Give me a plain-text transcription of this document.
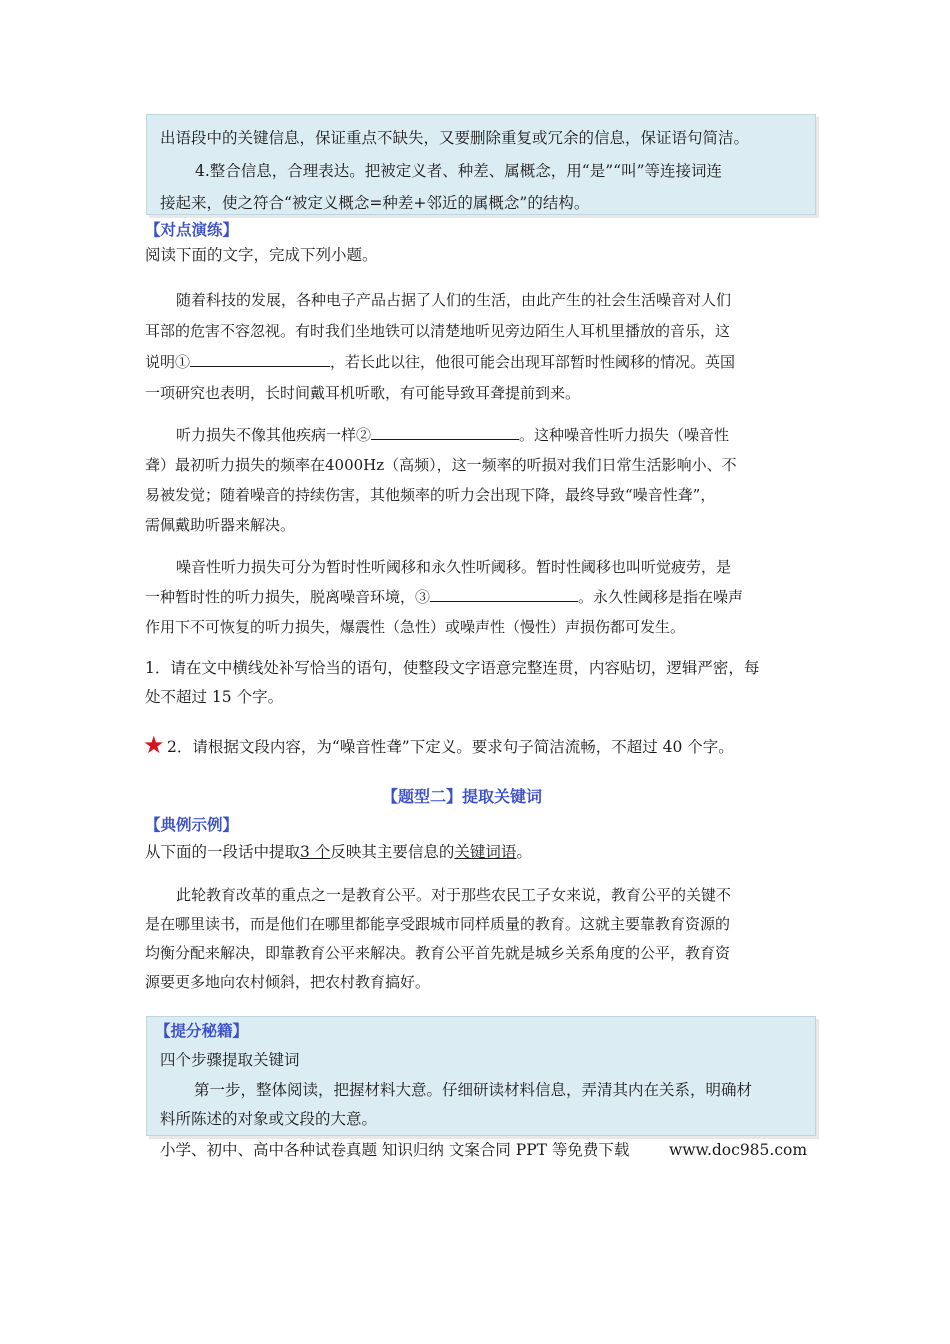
出语段中的关键信息，保证重点不缺失，又要删除重复或冗余的信息，保证语句简洁。
4.整合信息，合理表达。把被定义者、种差、属概念，用“是”“叫”等连接词连
接起来，使之符合“被定义概念=种差+邻近的属概念”的结构。
【对点演练】
阅读下面的文字，完成下列小题。
随着科技的发展，各种电子产品占据了人们的生活，由此产生的社会生活噪音对人们
耳部的危害不容忽视。有时我们坐地铁可以清楚地听见旁边陌生人耳机里播放的音乐，这
说明①	，若长此以往，他很可能会出现耳部暂时性阈移的情况。英国
一项研究也表明，长时间戴耳机听歌，有可能导致耳聋提前到来。
听力损失不像其他疾病一样②	。这种噪音性听力损失（噪音性
聋）最初听力损失的频率在4000Hz（高频），这一频率的听损对我们日常生活影响小、不
易被发觉；随着噪音的持续伤害，其他频率的听力会出现下降，最终导致“噪音性聋”，
需佩戴助听器来解决。
噪音性听力损失可分为暂时性听阈移和永久性听阈移。暂时性阈移也叫听觉疲劳，是
一种暂时性的听力损失，脱离噪音环境，③	。永久性阈移是指在噪声
作用下不可恢复的听力损失，爆震性（急性）或噪声性（慢性）声损伤都可发生。
1．请在文中横线处补写恰当的语句，使整段文字语意完整连贯，内容贴切，逻辑严密，每
处不超过 15 个字。
★ 2．请根据文段内容，为“噪音性聋”下定义。要求句子简洁流畅，不超过 40 个字。
【题型二】提取关键词
【典例示例】
从下面的一段话中提取3 个反映其主要信息的关键词语。
此轮教育改革的重点之一是教育公平。对于那些农民工子女来说，教育公平的关键不
是在哪里读书，而是他们在哪里都能享受跟城市同样质量的教育。这就主要靠教育资源的
均衡分配来解决，即靠教育公平来解决。教育公平首先就是城乡关系角度的公平，教育资
源要更多地向农村倾斜，把农村教育搞好。
【提分秘籍】
四个步骤提取关键词
第一步，整体阅读，把握材料大意。仔细研读材料信息，弄清其内在关系，明确材
料所陈述的对象或文段的大意。
小学、初中、高中各种试卷真题 知识归纳 文案合同 PPT 等免费下载	www.doc985.com
